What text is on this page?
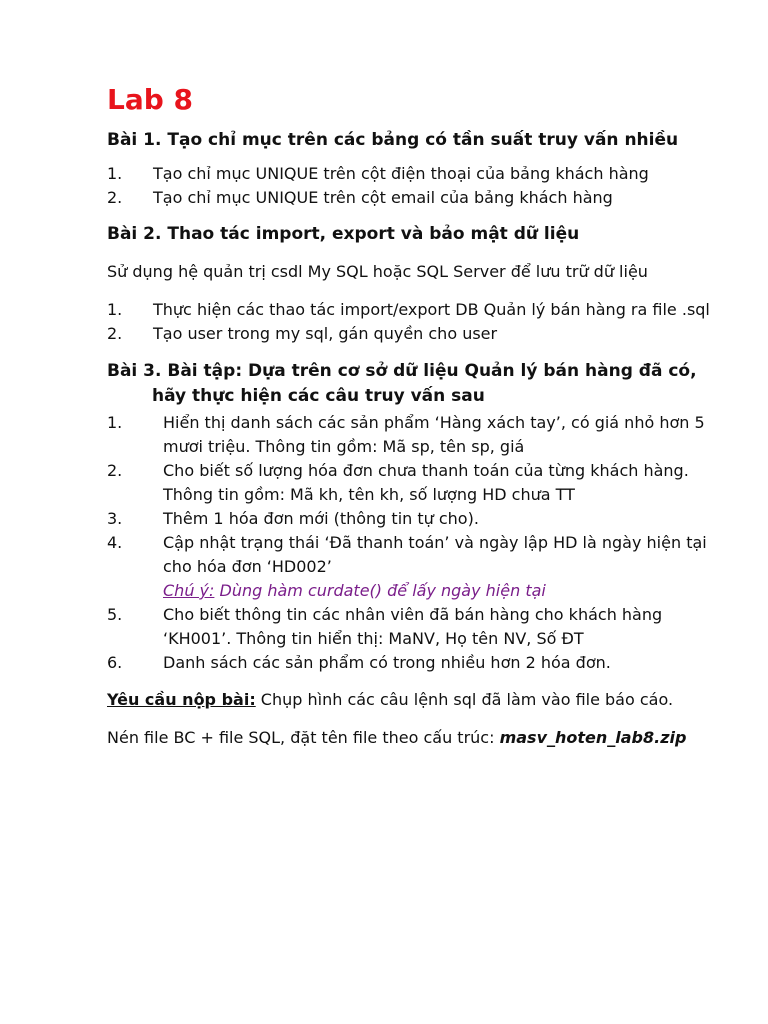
Lab 8
Bài 1. Tạo chỉ mục trên các bảng có tần suất truy vấn nhiều
1. Tạo chỉ mục UNIQUE trên cột điện thoại của bảng khách hàng
2. Tạo chỉ mục UNIQUE trên cột email của bảng khách hàng
Bài 2. Thao tác import, export và bảo mật dữ liệu
Sử dụng hệ quản trị csdl My SQL hoặc SQL Server để lưu trữ dữ liệu
1. Thực hiện các thao tác import/export DB Quản lý bán hàng ra file .sql
2. Tạo user trong my sql, gán quyền cho user
Bài 3. Bài tập: Dựa trên cơ sở dữ liệu Quản lý bán hàng đã có, hãy thực hiện các câu truy vấn sau
1.	Hiển thị danh sách các sản phẩm ‘Hàng xách tay’, có giá nhỏ hơn 5 mươi triệu. Thông tin gồm: Mã sp, tên sp, giá
2.	Cho biết số lượng hóa đơn chưa thanh toán của từng khách hàng. Thông tin gồm: Mã kh, tên kh, số lượng HD chưa TT
3.	Thêm 1 hóa đơn mới (thông tin tự cho).
4.	Cập nhật trạng thái ‘Đã thanh toán’ và ngày lập HD là ngày hiện tại cho hóa đơn ‘HD002’
Chú ý: Dùng hàm curdate() để lấy ngày hiện tại
5.	Cho biết thông tin các nhân viên đã bán hàng cho khách hàng ‘KH001’. Thông tin hiển thị: MaNV, Họ tên NV, Số ĐT
6.	Danh sách các sản phẩm có trong nhiều hơn 2 hóa đơn.
Yêu cầu nộp bài: Chụp hình các câu lệnh sql đã làm vào file báo cáo.
Nén file BC + file SQL, đặt tên file theo cấu trúc: masv_hoten_lab8.zip
